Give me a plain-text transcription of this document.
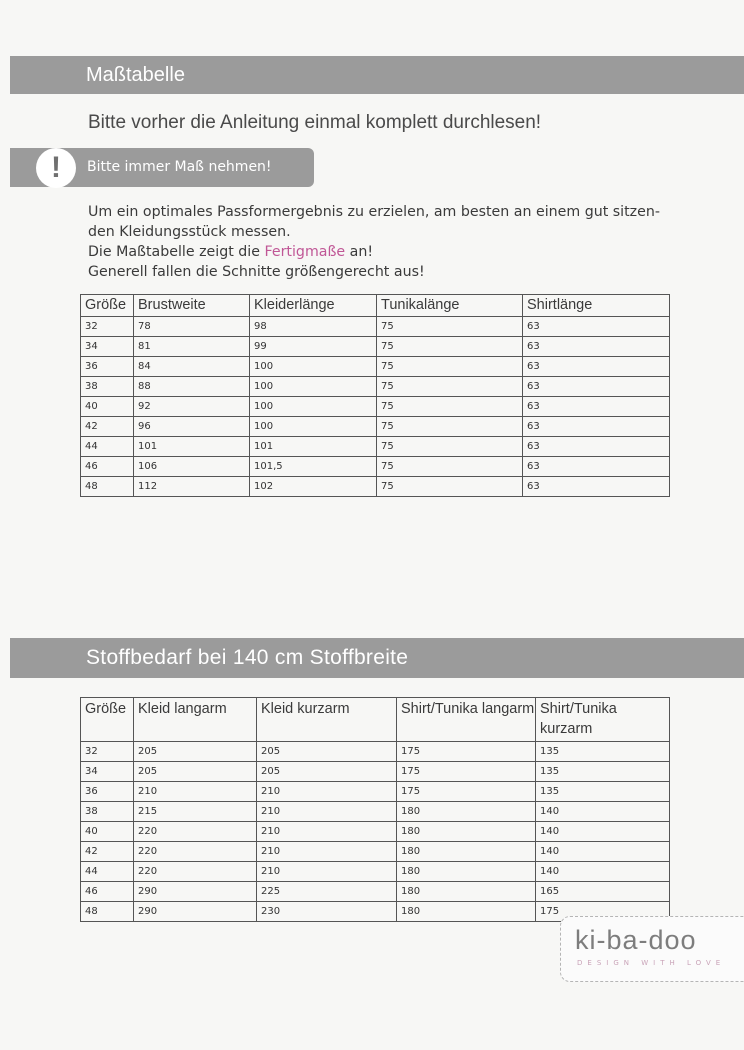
Maßtabelle
Bitte vorher die Anleitung einmal komplett durchlesen!
!	Bitte immer Maß nehmen!

Um ein optimales Passformergebnis zu erzielen, am besten an einem gut sitzen-

den Kleidungsstück messen.

Die Maßtabelle zeigt die Fertigmaße an!

Generell fallen die Schnitte größengerecht aus!

Größe	Brustweite	Kleiderlänge	Tunikalänge	Shirtlänge
32	78	98	75	63
34	81	99	75	63
36	84	100	75	63
38	88	100	75	63
40	92	100	75	63
42	96	100	75	63
44	101	101	75	63
46	106	101,5	75	63
48	112	102	75	63
Stoffbedarf bei 140 cm Stoffbreite
Größe	Kleid langarm	Kleid kurzarm	Shirt/Tunika langarm	Shirt/Tunika kurzarm
32	205	205	175	135
34	205	205	175	135
36	210	210	175	135
38	215	210	180	140
40	220	210	180	140
42	220	210	180	140
44	220	210	180	140
46	290	225	180	165
48	290	230	180	175
ki-ba-doo
DESIGN WITH LOVE
